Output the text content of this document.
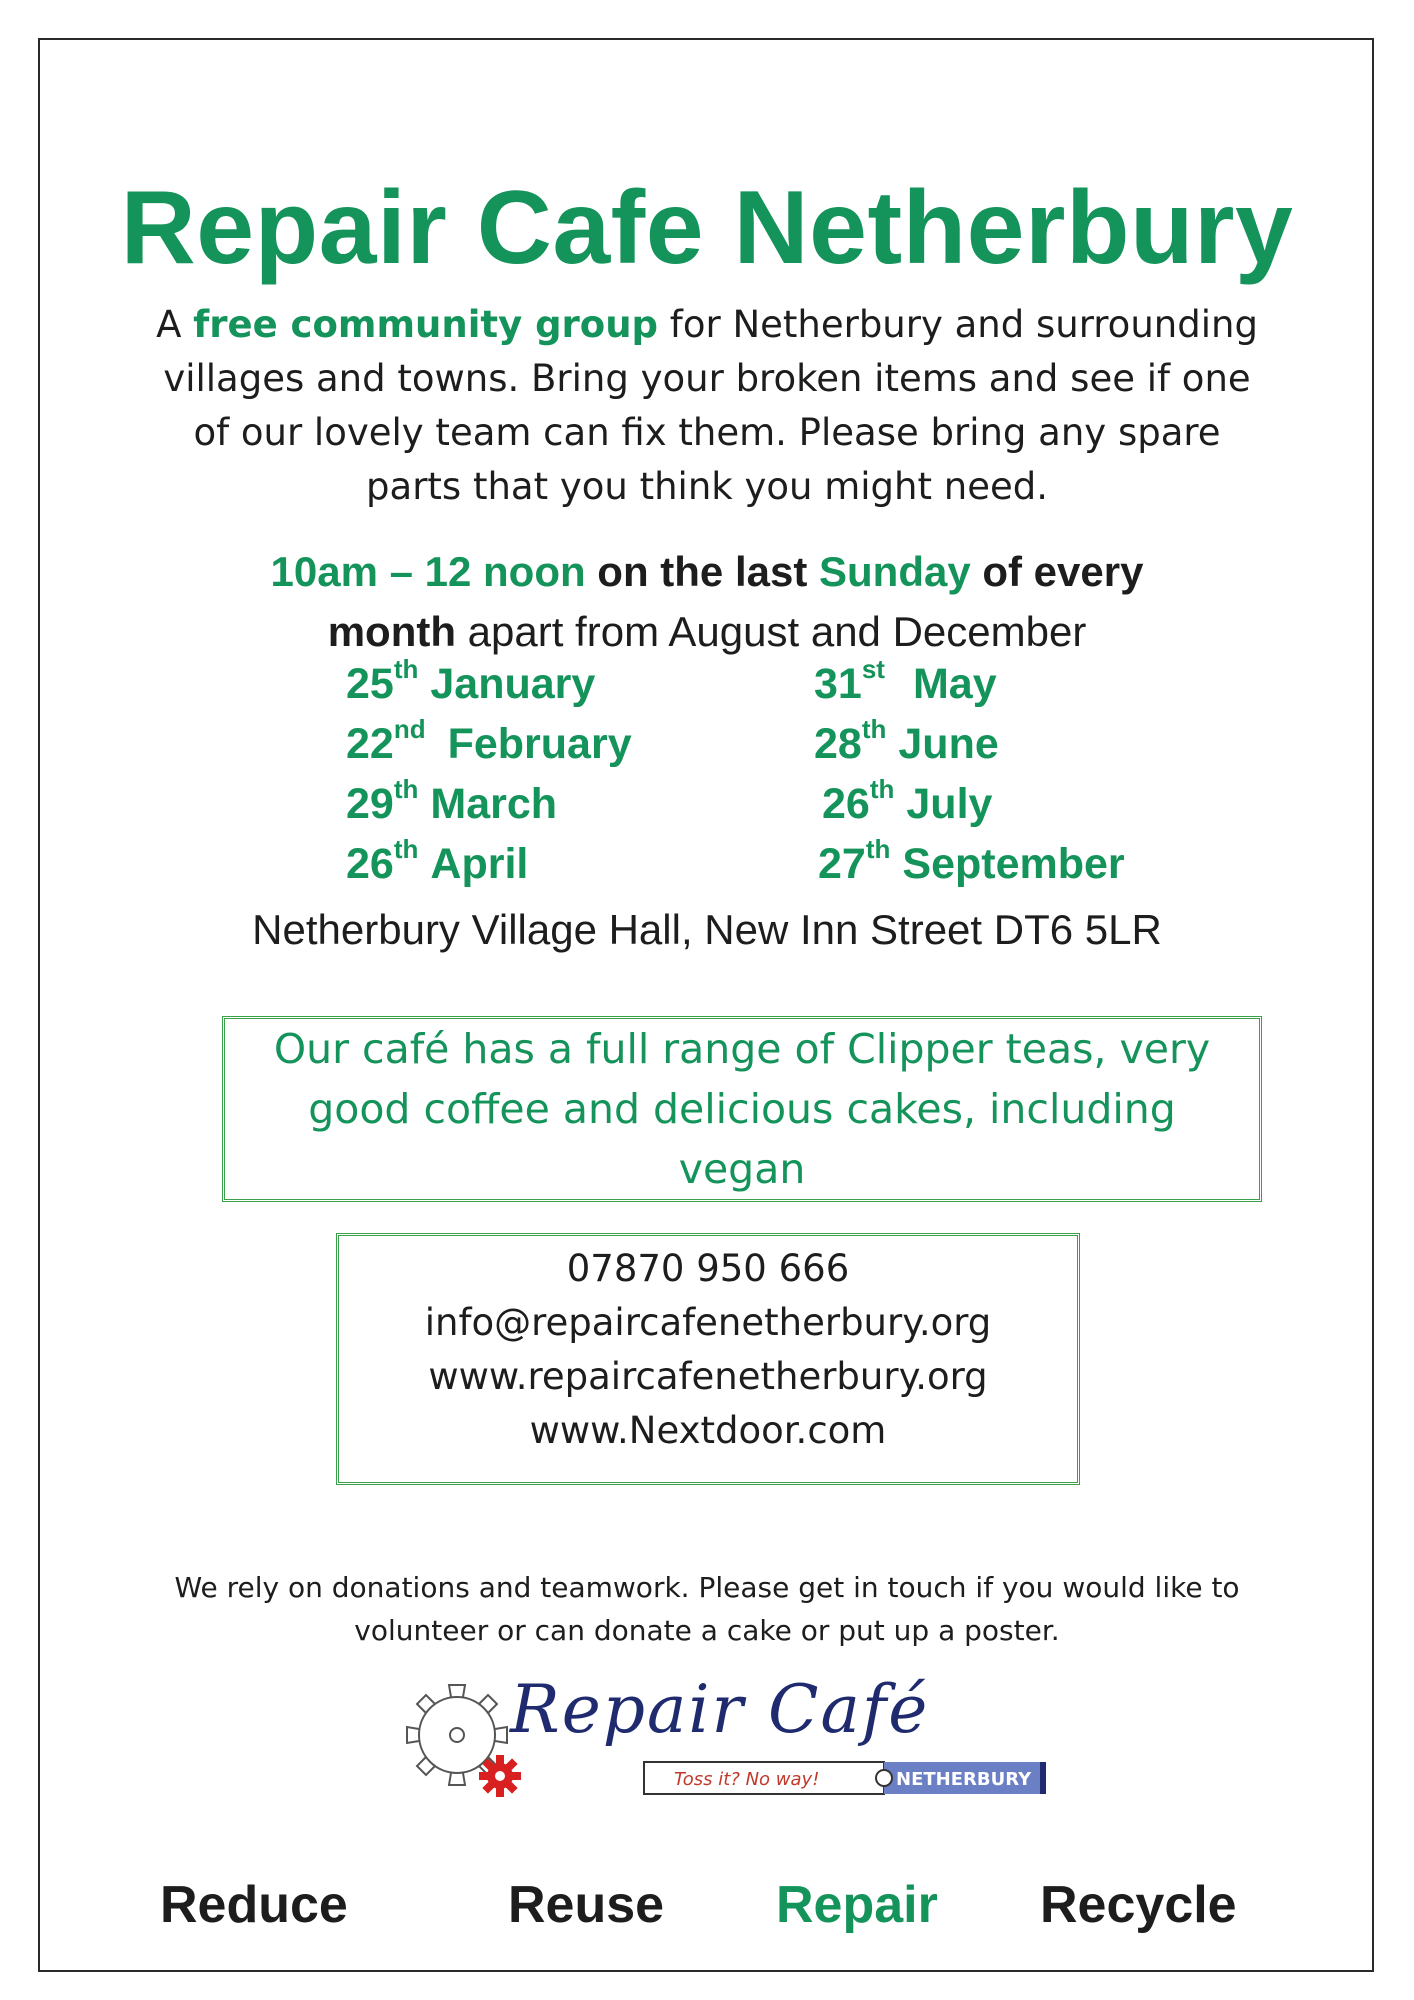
Repair Cafe Netherbury

A free community group for Netherbury and surrounding villages and towns. Bring your broken items and see if one of our lovely team can fix them. Please bring any spare parts that you think you might need.

10am – 12 noon on the last Sunday of every
month apart from August and December
25th January
22nd February
29th March
26th April
31st May
28th June
26th July
27th September
Netherbury Village Hall, New Inn Street DT6 5LR
Our café has a full range of Clipper teas, very good coffee and delicious cakes, including vegan
07870 950 666
info@repaircafenetherbury.org
www.repaircafenetherbury.org
www.Nextdoor.com
We rely on donations and teamwork. Please get in touch if you would like to volunteer or can donate a cake or put up a poster.
Repair Café
Toss it? No way!	NETHERBURY
Reduce	Reuse Repair Recycle
